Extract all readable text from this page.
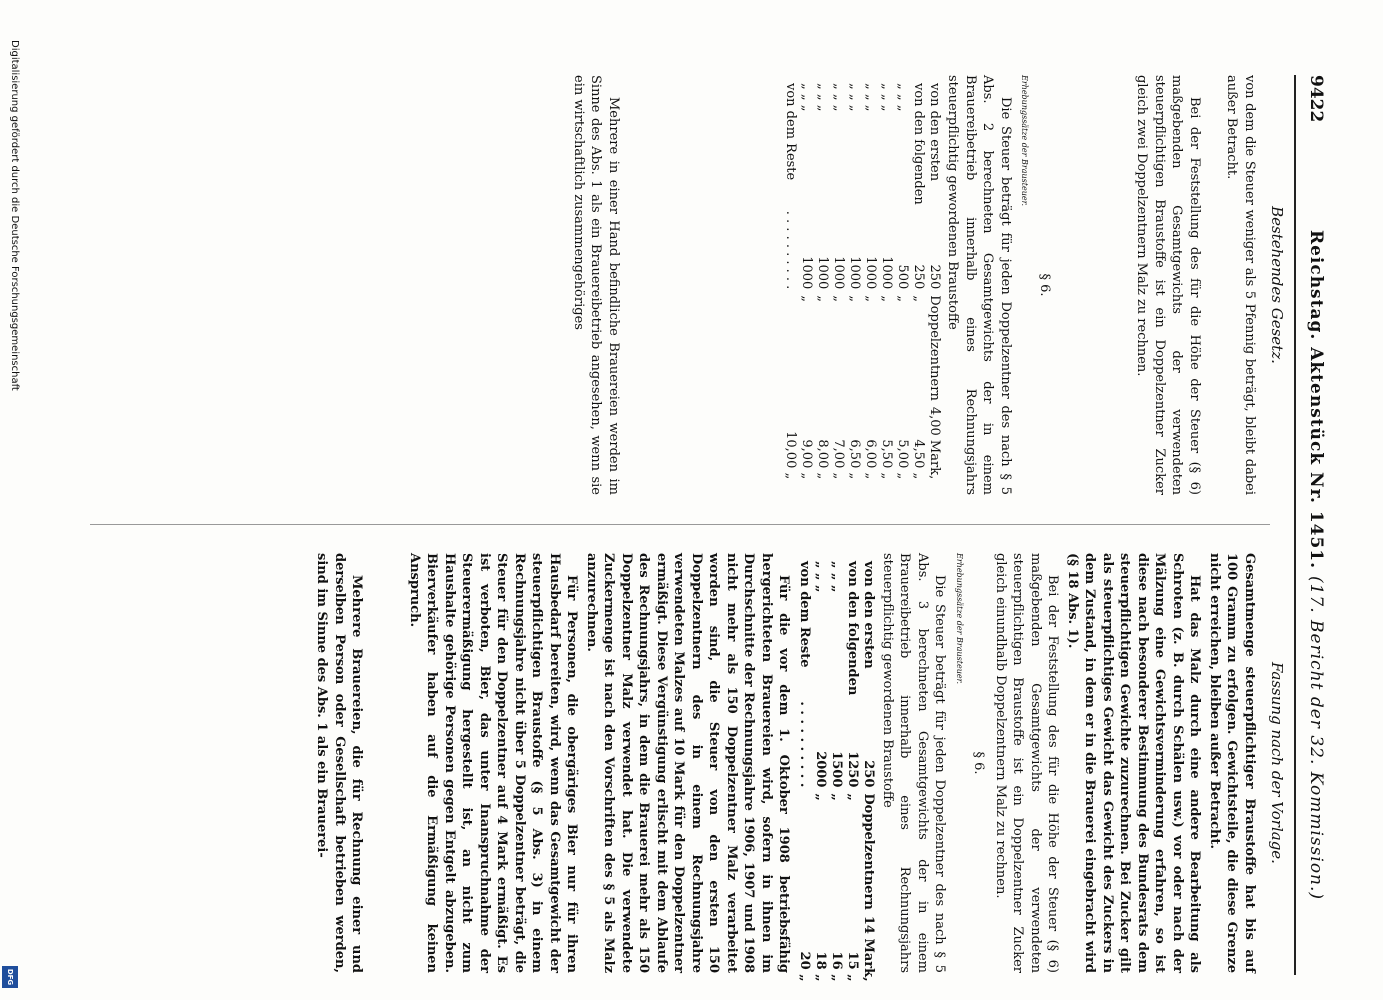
9422
Reichstag. Aktenstück Nr. 1451. (17. Bericht der 32. Kommission.)
Bestehendes Gesetz.
Fassung nach der Vorlage.

von dem die Steuer weniger als 5 Pfennig beträgt, bleibt dabei außer Betracht.

Bei der Feststellung des für die Höhe der Steuer (§ 6) maßgebenden Gesamtgewichts der verwendeten steuerpflichtigen Braustoffe ist ein Doppelzentner Zucker gleich zwei Doppelzentnern Malz zu rechnen.

§ 6.
Erhebungssätze der Brausteuer.

Die Steuer beträgt für jeden Doppelzentner des nach § 5 Abs. 2 berechneten Gesamtgewichts der in einem Brauereibetrieb innerhalb eines Rechnungsjahrs steuerpflichtig gewordenen Braustoffe

von den ersten	250	Doppelzentnern	4,00 Mark,
von den folgenden	250	„	4,50 „
„ „ „	500	„	5,00 „
„ „ „	1000	„	5,50 „
„ „ „	1000	„	6,00 „
„ „ „	1000	„	6,50 „
„ „ „	1000	„	7,00 „
„ „ „	1000	„	8,00 „
„ „ „	1000	„	9,00 „
von dem Reste	. . . . . . . . . .		10,00 „

Mehrere in einer Hand befindliche Brauereien werden im Sinne des Abs. 1 als ein Brauereibetrieb angesehen, wenn sie ein wirtschaftlich zusammengehöriges

Gesamtmenge steuerpflichtiger Braustoffe hat bis auf 100 Gramm zu erfolgen. Gewichtsteile, die diese Grenze nicht erreichen, bleiben außer Betracht.

Hat das Malz durch eine andere Bearbeitung als Schroten (z. B. durch Schälen usw.) vor oder nach der Mälzung eine Gewichtsverminderung erfahren, so ist diese nach besonderer Bestimmung des Bundesrats dem steuerpflichtigen Gewichte zuzurechnen. Bei Zucker gilt als steuerpflichtiges Gewicht das Gewicht des Zuckers in dem Zustand, in dem er in die Brauerei eingebracht wird (§ 18 Abs. 1).

Bei der Feststellung des für die Höhe der Steuer (§ 6) maßgebenden Gesamtgewichts der verwendeten steuerpflichtigen Braustoffe ist ein Doppelzentner Zucker gleich einundhalb Doppelzentnern Malz zu rechnen.

§ 6.
Erhebungssätze der Brausteuer.

Die Steuer beträgt für jeden Doppelzentner des nach § 5 Abs. 3 berechneten Gesamtgewichts der in einem Brauereibetrieb innerhalb eines Rechnungsjahrs steuerpflichtig gewordenen Braustoffe

von den ersten	250	Doppelzentnern	14 Mark,
von den folgenden	1250	„	15 „
„ „ „	1500	„	16 „
„ „ „	2000	„	18 „
von dem Reste	. . . . . . . . . .		20 „

Für die vor dem 1. Oktober 1908 betriebsfähig hergerichteten Brauereien wird, sofern in ihnen im Durchschnitte der Rechnungsjahre 1906, 1907 und 1908 nicht mehr als 150 Doppelzentner Malz verarbeitet worden sind, die Steuer von den ersten 150 Doppelzentnern des in einem Rechnungsjahre verwendeten Malzes auf 10 Mark für den Doppelzentner ermäßigt. Diese Vergünstigung erlischt mit dem Ablaufe des Rechnungsjahrs, in dem die Brauerei mehr als 150 Doppelzentner Malz verwendet hat. Die verwendete Zuckermenge ist nach den Vorschriften des § 5 als Malz anzurechnen.

Für Personen, die obergäriges Bier nur für ihren Hausbedarf bereiten, wird, wenn das Gesamtgewicht der steuerpflichtigen Braustoffe (§ 5 Abs. 3) in einem Rechnungsjahre nicht über 5 Doppelzentner beträgt, die Steuer für den Doppelzentner auf 4 Mark ermäßigt. Es ist verboten, Bier, das unter Inanspruchnahme der Steuerermäßigung hergestellt ist, an nicht zum Haushalte gehörige Personen gegen Entgelt abzugeben. Bierverkäufer haben auf die Ermäßigung keinen Anspruch.

Mehrere Brauereien, die für Rechnung einer und derselben Person oder Gesellschaft betrieben werden, sind im Sinne des Abs. 1 als ein Brauerei-

Digitalisierung gefördert durch die Deutsche Forschungsgemeinschaft
DFG
